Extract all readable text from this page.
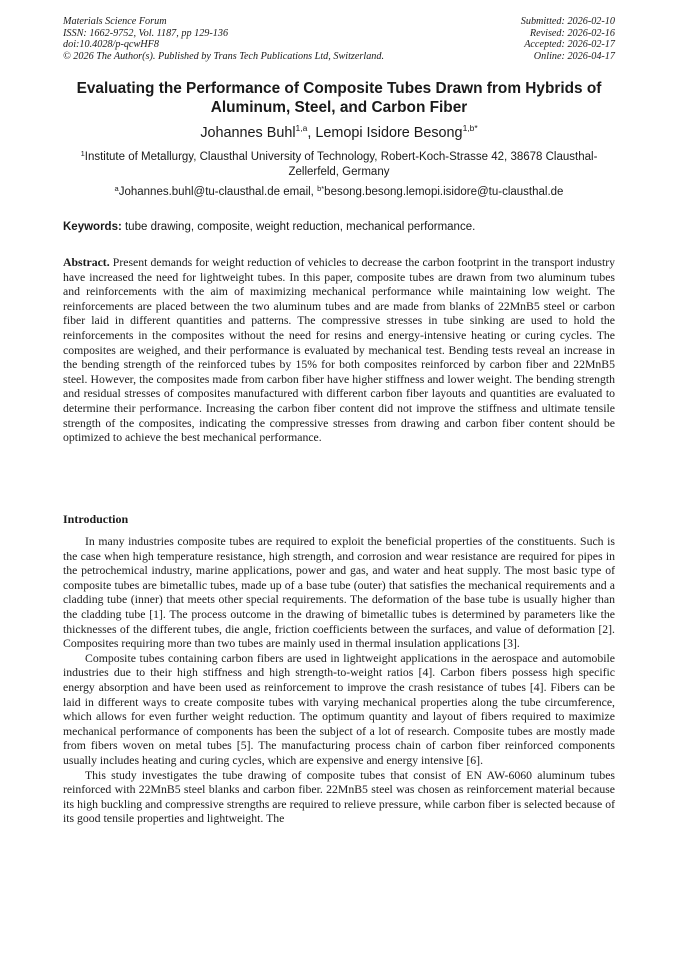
Materials Science Forum
ISSN: 1662-9752, Vol. 1187, pp 129-136
doi:10.4028/p-qcwHF8
© 2026 The Author(s). Published by Trans Tech Publications Ltd, Switzerland.
Submitted: 2026-02-10
Revised: 2026-02-16
Accepted: 2026-02-17
Online: 2026-04-17
Evaluating the Performance of Composite Tubes Drawn from Hybrids of Aluminum, Steel, and Carbon Fiber
Johannes Buhl$^{1,a}$, Lemopi Isidore Besong$^{1,b*}$
$^1$Institute of Metallurgy, Clausthal University of Technology, Robert-Koch-Strasse 42, 38678 Clausthal-Zellerfeld, Germany
$^a$Johannes.buhl@tu-clausthal.de email, $^{b*}$besong.besong.lemopi.isidore@tu-clausthal.de
Keywords: tube drawing, composite, weight reduction, mechanical performance.

Abstract. Present demands for weight reduction of vehicles to decrease the carbon footprint in the transport industry have increased the need for lightweight tubes. In this paper, composite tubes are drawn from two aluminum tubes and reinforcements with the aim of maximizing mechanical performance while maintaining low weight. The reinforcements are placed between the two aluminum tubes and are made from blanks of 22MnB5 steel or carbon fiber laid in different quantities and patterns. The compressive stresses in tube sinking are used to hold the reinforcements in the composites without the need for resins and energy-intensive heating or curing cycles. The composites are weighed, and their performance is evaluated by mechanical test. Bending tests reveal an increase in the bending strength of the reinforced tubes by 15% for both composites reinforced by carbon fiber and 22MnB5 steel. However, the composites made from carbon fiber have higher stiffness and lower weight. The bending strength and residual stresses of composites manufactured with different carbon fiber layouts and quantities are evaluated to determine their performance. Increasing the carbon fiber content did not improve the stiffness and ultimate tensile strength of the composites, indicating the compressive stresses from drawing and carbon fiber content should be optimized to achieve the best mechanical performance.

Introduction

In many industries composite tubes are required to exploit the beneficial properties of the constituents. Such is the case when high temperature resistance, high strength, and corrosion and wear resistance are required for pipes in the petrochemical industry, marine applications, power and gas, and water and heat supply. The most basic type of composite tubes are bimetallic tubes, made up of a base tube (outer) that satisfies the mechanical requirements and a cladding tube (inner) that meets other special requirements. The deformation of the base tube is usually higher than the cladding tube [1]. The process outcome in the drawing of bimetallic tubes is determined by parameters like the thicknesses of the different tubes, die angle, friction coefficients between the surfaces, and value of deformation [2]. Composites requiring more than two tubes are mainly used in thermal insulation applications [3].

Composite tubes containing carbon fibers are used in lightweight applications in the aerospace and automobile industries due to their high stiffness and high strength-to-weight ratios [4]. Carbon fibers possess high specific energy absorption and have been used as reinforcement to improve the crash resistance of tubes [4]. Fibers can be laid in different ways to create composite tubes with varying mechanical properties along the tube circumference, which allows for even further weight reduction. The optimum quantity and layout of fibers required to maximize mechanical performance of components has been the subject of a lot of research. Composite tubes are mostly made from fibers woven on metal tubes [5]. The manufacturing process chain of carbon fiber reinforced components usually includes heating and curing cycles, which are expensive and energy intensive [6].

This study investigates the tube drawing of composite tubes that consist of EN AW-6060 aluminum tubes reinforced with 22MnB5 steel blanks and carbon fiber. 22MnB5 steel was chosen as reinforcement material because its high buckling and compressive strengths are required to relieve pressure, while carbon fiber is selected because of its good tensile properties and lightweight. The
